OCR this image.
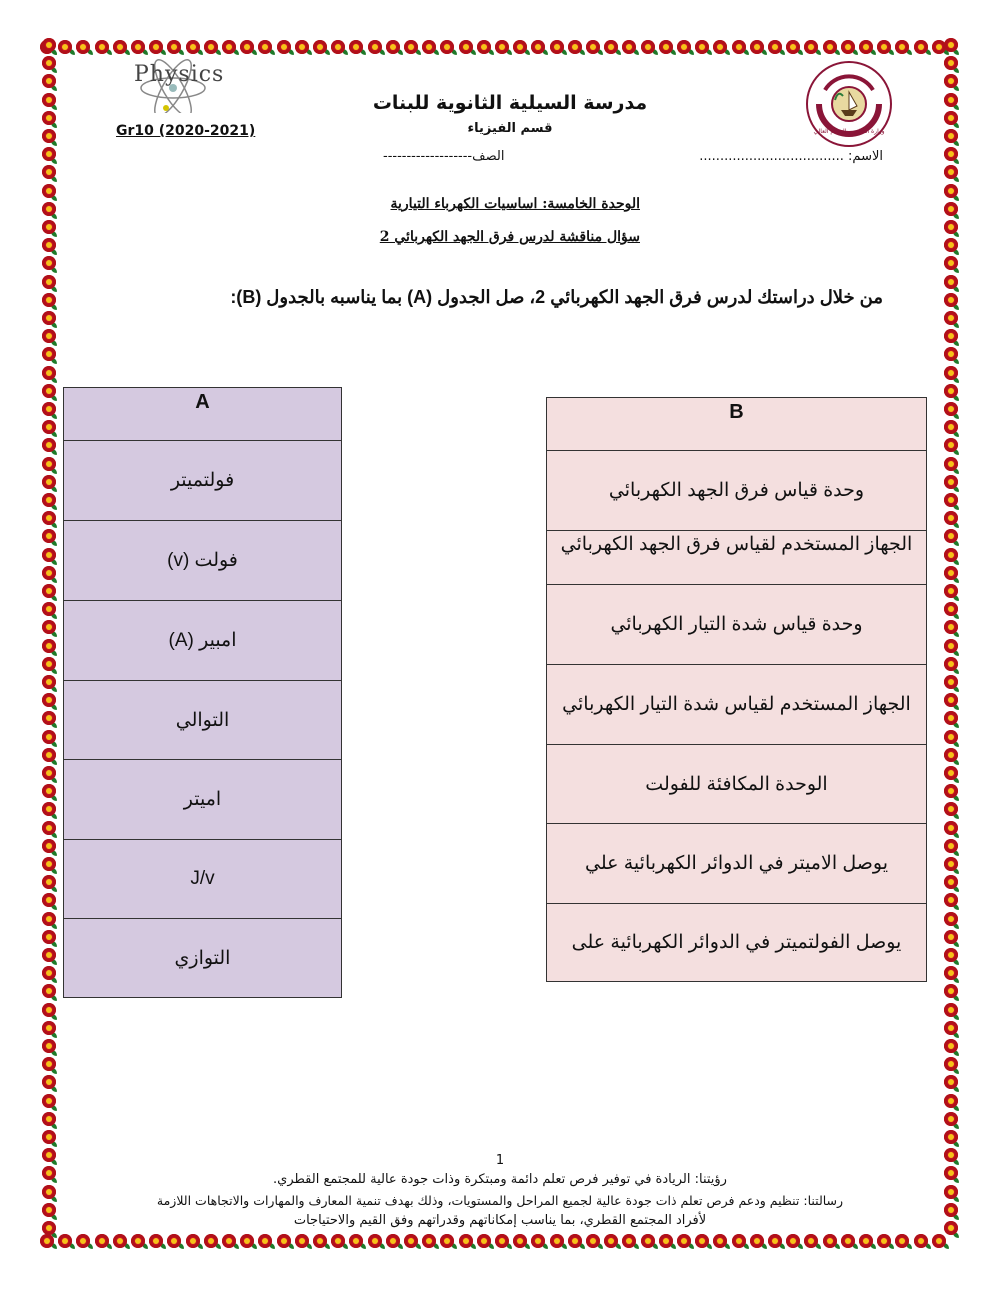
Physics
Gr10 (2020-2021)	وزارة التعليم و التعليم العالي
مدرسة السيلية الثانوية للبنات
قسم الفيزياء
-------------------الصف	الاسم: ...................................
الوحدة الخامسة: اساسيات الكهرباء التيارية
سؤال مناقشة لدرس فرق الجهد الكهربائي 2
من خلال دراستك لدرس فرق الجهد الكهربائي 2، صل الجدول (A) بما يناسبه بالجدول (B):
A
فولتميتر
فولت (v)
امبير (A)
التوالي
اميتر
J/v
التوازي
B
وحدة قياس فرق الجهد الكهربائي
الجهاز المستخدم لقياس فرق الجهد الكهربائي
وحدة قياس شدة التيار الكهربائي
الجهاز المستخدم لقياس شدة التيار الكهربائي
الوحدة المكافئة للفولت
يوصل الاميتر في الدوائر الكهربائية علي
يوصل الفولتميتر في الدوائر الكهربائية على
1
رؤيتنا: الريادة في توفير فرص تعلم دائمة ومبتكرة وذات جودة عالية للمجتمع القطري.
رسالتنا: تنظيم ودعم فرص تعلم ذات جودة عالية لجميع المراحل والمستويات، وذلك بهدف تنمية المعارف والمهارات والاتجاهات اللازمة
لأفراد المجتمع القطري، بما يناسب إمكاناتهم وقدراتهم وفق القيم والاحتياجات
